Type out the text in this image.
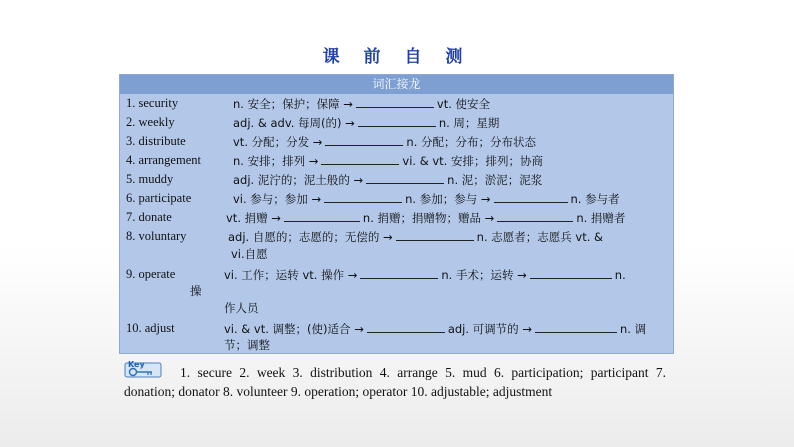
课 前 自 测
词汇接龙
1. security	n. 安全；保护；保障 →	vt. 使安全
2. weekly	adj. & adv. 每周(的) →	n. 周；星期
3. distribute	vt. 分配；分发 →	n. 分配；分布；分布状态
4. arrangement	n. 安排；排列 →	vi. & vt. 安排；排列；协商
5. muddy	adj. 泥泞的；泥土般的 →	n. 泥；淤泥；泥浆
6. participate	vi. 参与；参加 →	n. 参加；参与 →	n. 参与者
7. donate	vt. 捐赠 →	n. 捐赠；捐赠物；赠品 →	n. 捐赠者
8. voluntary	adj. 自愿的；志愿的；无偿的 →	n. 志愿者；志愿兵 vt. &
vi.自愿
9. operate	vi. 工作；运转 vt. 操作 →	n. 手术；运转 →	n.
操
作人员
10. adjust	vi. & vt. 调整；(使)适合 →	adj. 可调节的 →	n. 调
节；调整
Key
1. secure 2. week 3. distribution 4. arrange 5. mud 6. participation; participant 7. donation; donator 8. volunteer 9. operation; operator 10. adjustable; adjustment
